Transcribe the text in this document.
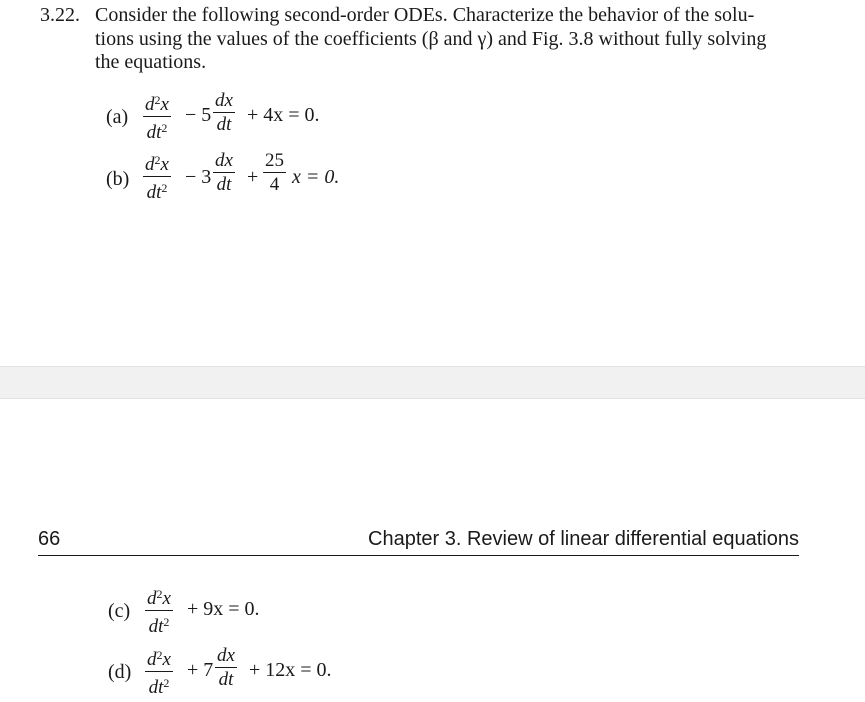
3.22. Consider the following second-order ODEs. Characterize the behavior of the solu-
tions using the values of the coefficients (β and γ) and Fig. 3.8 without fully solving
the equations.
$(a) \frac{d^2x}{dt^2} - 5 \frac{dx}{dt} + 4x = 0$.
$(b) \frac{d^2x}{dt^2} - 3 \frac{dx}{dt} + \frac{25}{4}$ x = 0.
66	Chapter 3. Review of linear differential equations
$(c) \frac{d^2x}{dt^2} + 9x = 0$.
$(d) \frac{d^2x}{dt^2} + 7 \frac{dx}{dt} + 12x = 0$.
